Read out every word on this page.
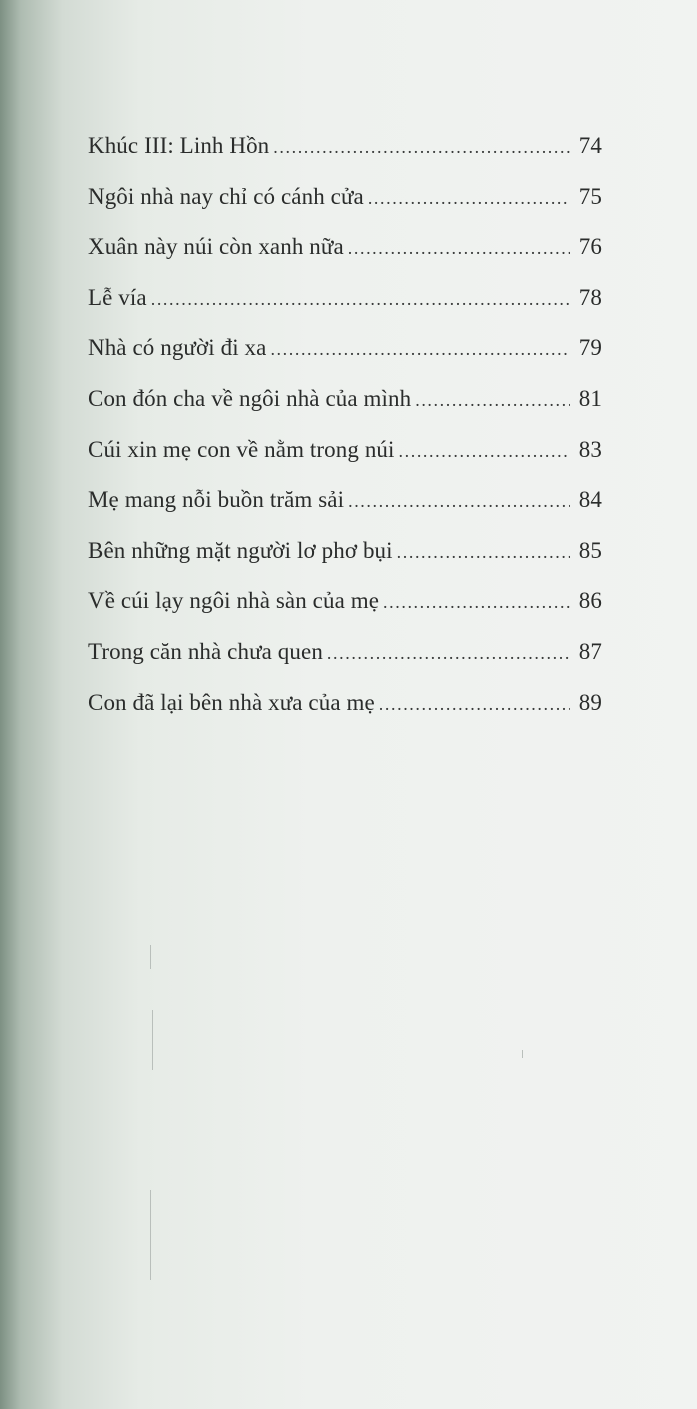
Khúc III: Linh Hồn .....	74
Ngôi nhà nay chỉ có cánh cửa .....	75
Xuân này núi còn xanh nữa .....	76
Lễ vía .....	78
Nhà có người đi xa .....	79
Con đón cha về ngôi nhà của mình .....	81
Cúi xin mẹ con về nằm trong núi .....	83
Mẹ mang nỗi buồn trăm sải .....	84
Bên những mặt người lơ phơ bụi .....	85
Về cúi lạy ngôi nhà sàn của mẹ .....	86
Trong căn nhà chưa quen .....	87
Con đã lại bên nhà xưa của mẹ .....	89
